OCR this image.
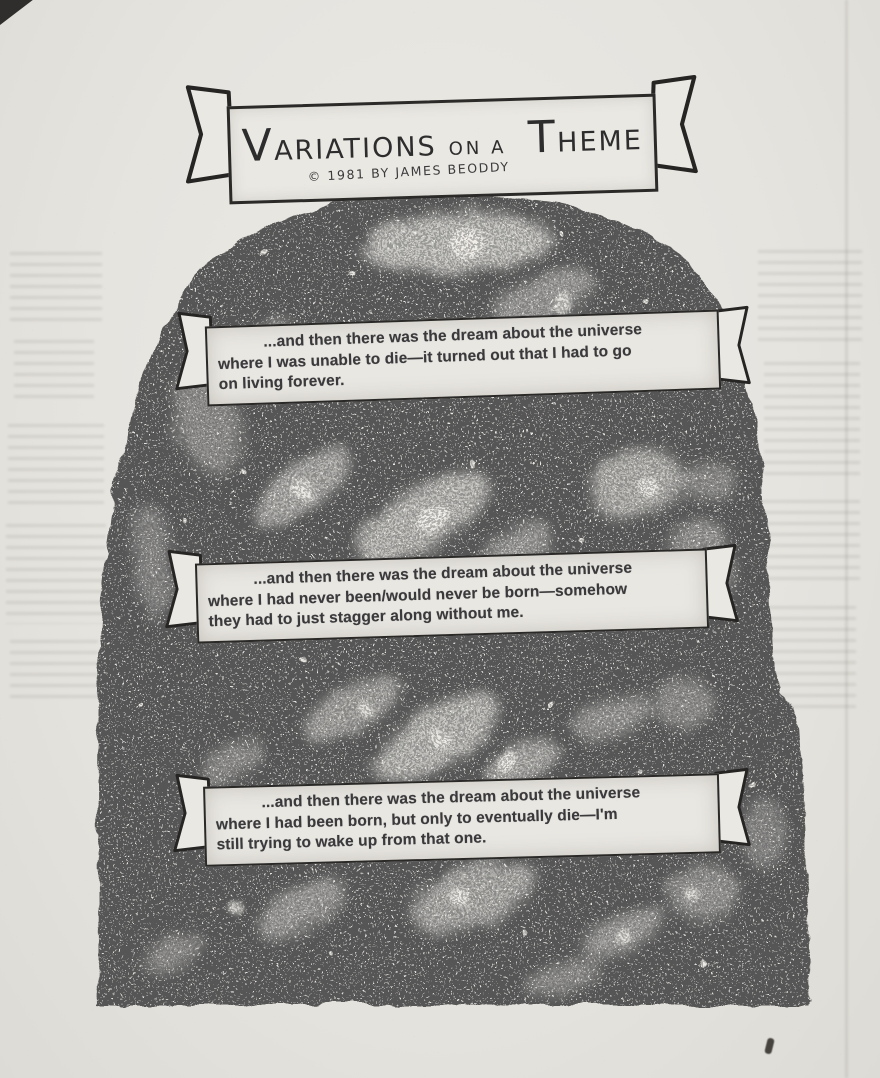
V
ARIATIONS ON A T
HEME
© 1981 BY JAMES BEODDY
...and then there was the dream about the universe
where I was unable to die—it turned out that I had to go
on living forever.
...and then there was the dream about the universe
where I had never been/would never be born—somehow
they had to just stagger along without me.
...and then there was the dream about the universe
where I had been born, but only to eventually die—I'm
still trying to wake up from that one.
